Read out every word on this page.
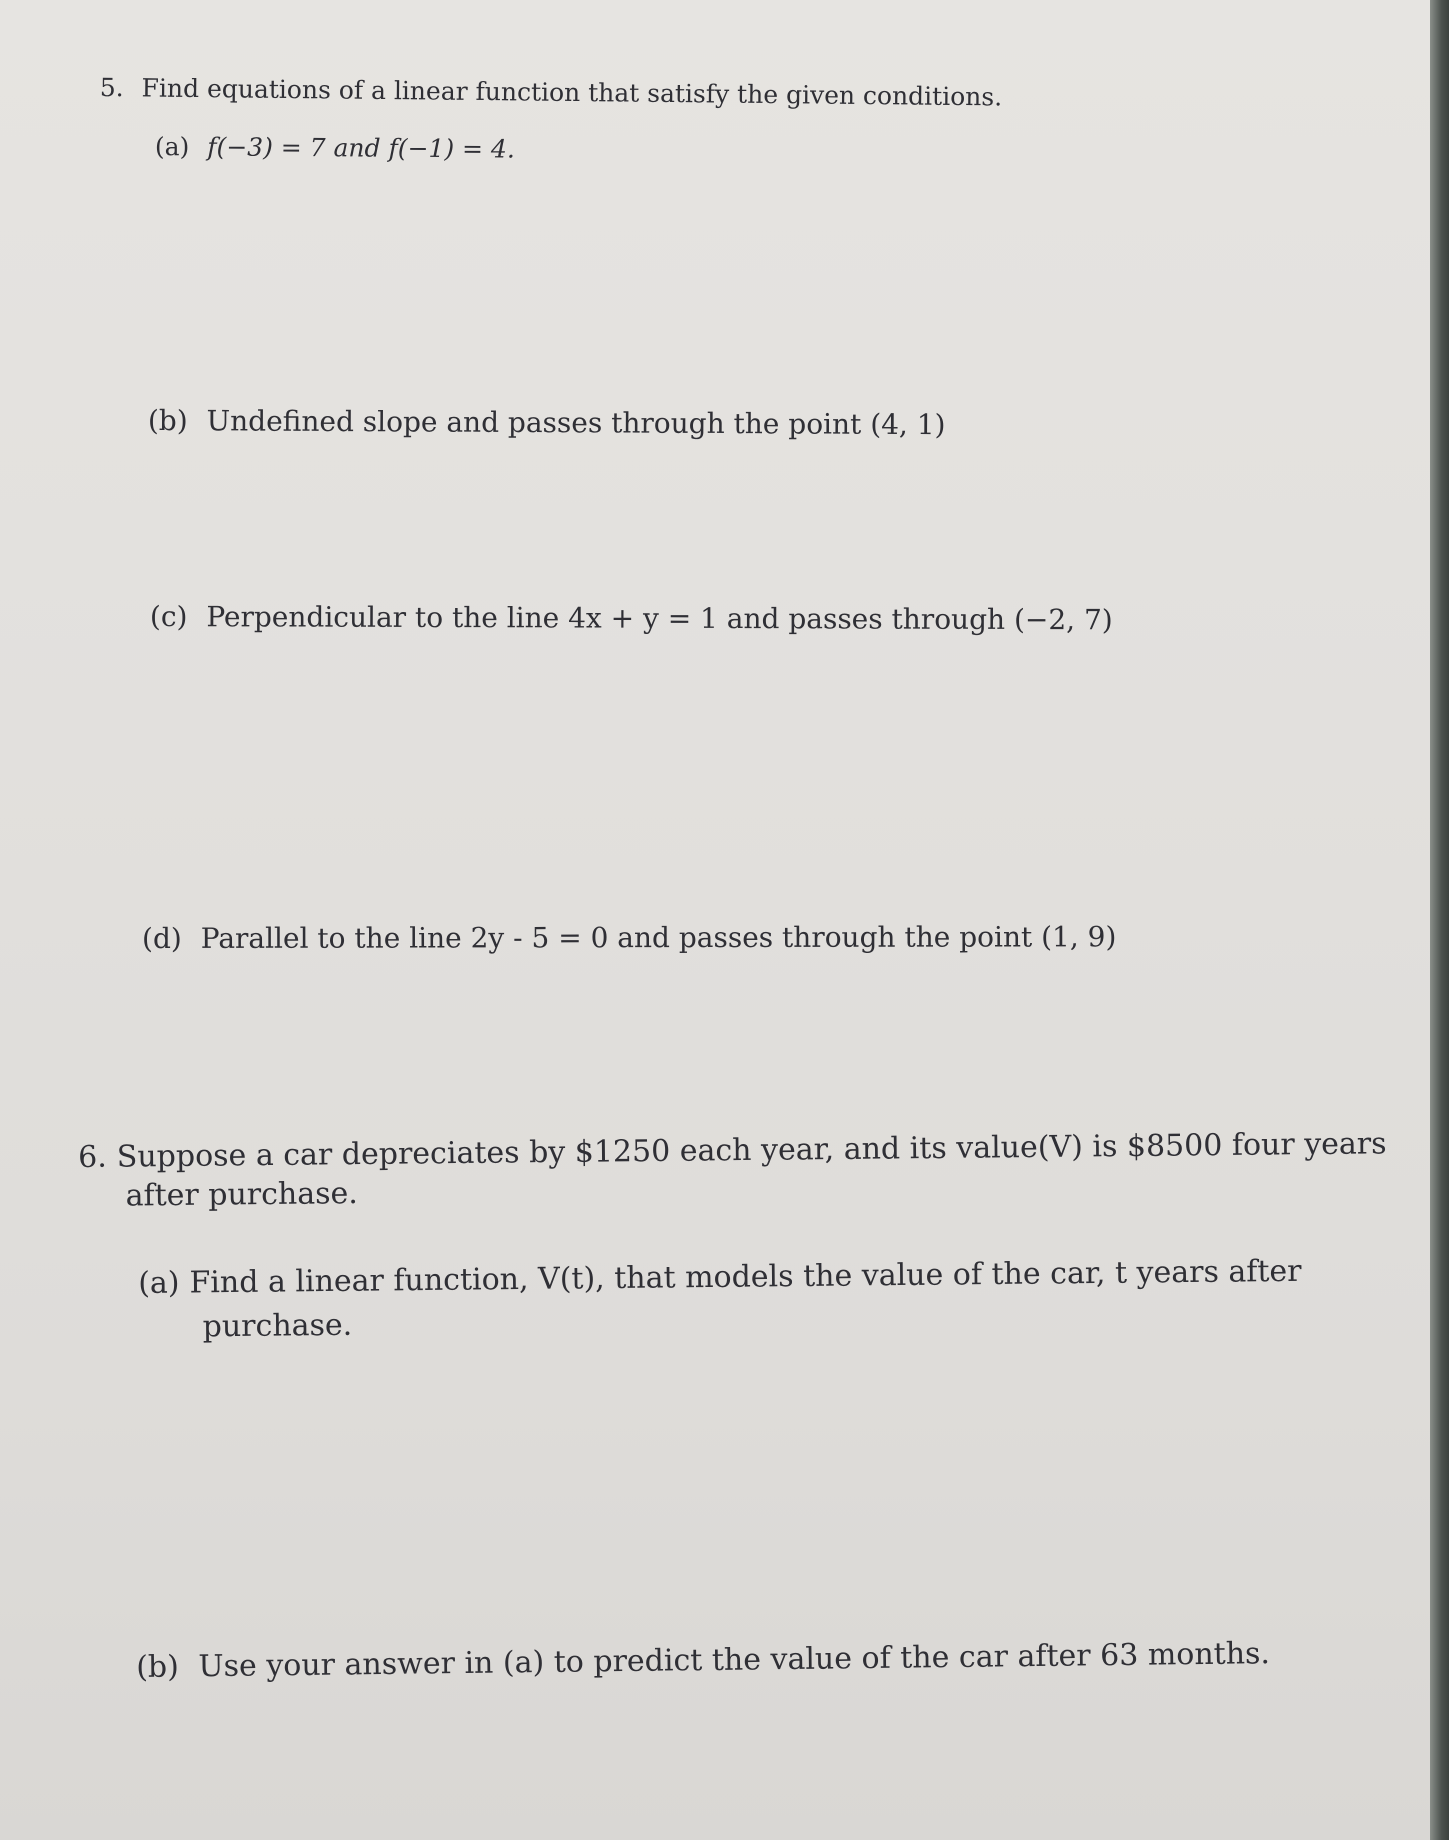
5. Find equations of a linear function that satisfy the given conditions.
(a) f(−3) = 7 and f(−1) = 4.
(b) Undefined slope and passes through the point (4, 1)
(c) Perpendicular to the line 4x + y = 1 and passes through (−2, 7)
(d) Parallel to the line 2y - 5 = 0 and passes through the point (1, 9)
6. Suppose a car depreciates by $1250 each year, and its value(V) is $8500 four years
after purchase.
(a) Find a linear function, V(t), that models the value of the car, t years after
purchase.
(b) Use your answer in (a) to predict the value of the car after 63 months.
